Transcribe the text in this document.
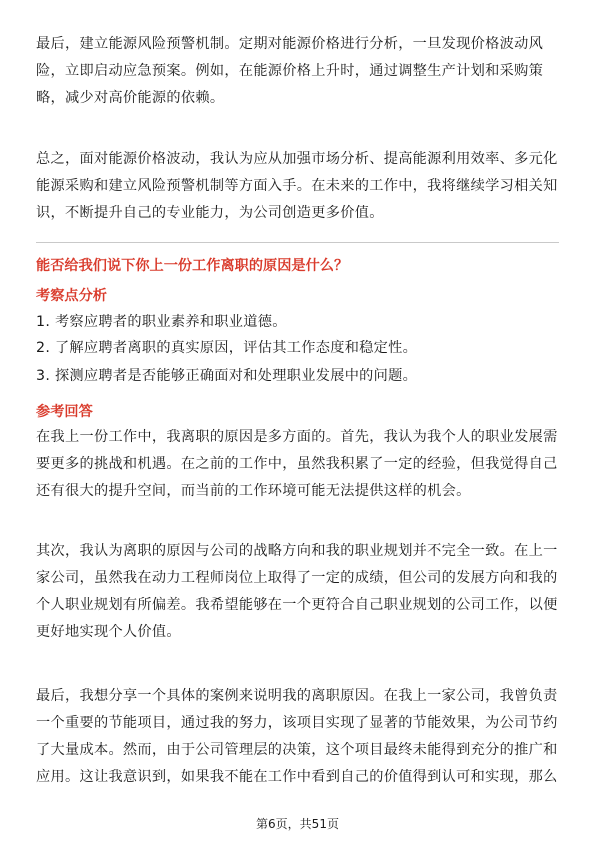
最后，建立能源风险预警机制。定期对能源价格进行分析，一旦发现价格波动风险，立即启动应急预案。例如，在能源价格上升时，通过调整生产计划和采购策略，减少对高价能源的依赖。

总之，面对能源价格波动，我认为应从加强市场分析、提高能源利用效率、多元化能源采购和建立风险预警机制等方面入手。在未来的工作中，我将继续学习相关知识，不断提升自己的专业能力，为公司创造更多价值。

能否给我们说下你上一份工作离职的原因是什么？

考察点分析

1. 考察应聘者的职业素养和职业道德。

2. 了解应聘者离职的真实原因，评估其工作态度和稳定性。

3. 探测应聘者是否能够正确面对和处理职业发展中的问题。

参考回答

在我上一份工作中，我离职的原因是多方面的。首先，我认为我个人的职业发展需要更多的挑战和机遇。在之前的工作中，虽然我积累了一定的经验，但我觉得自己还有很大的提升空间，而当前的工作环境可能无法提供这样的机会。

其次，我认为离职的原因与公司的战略方向和我的职业规划并不完全一致。在上一家公司，虽然我在动力工程师岗位上取得了一定的成绩，但公司的发展方向和我的个人职业规划有所偏差。我希望能够在一个更符合自己职业规划的公司工作，以便更好地实现个人价值。

最后，我想分享一个具体的案例来说明我的离职原因。在我上一家公司，我曾负责一个重要的节能项目，通过我的努力，该项目实现了显著的节能效果，为公司节约了大量成本。然而，由于公司管理层的决策，这个项目最终未能得到充分的推广和应用。这让我意识到，如果我不能在工作中看到自己的价值得到认可和实现，那么

第6页，共51页
